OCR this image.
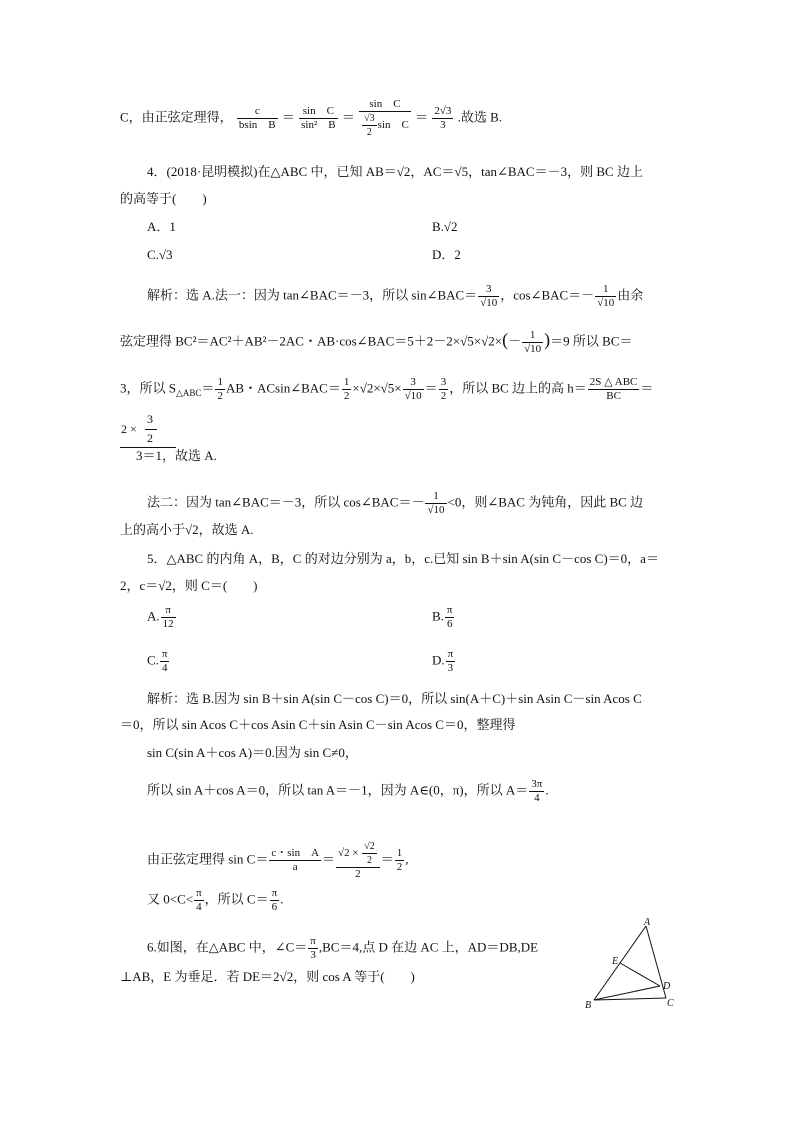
C，由正弦定理得， $\frac{c}{\text{bsin　B}} = \frac{\text{sin　C}}{\text{sin²　B}} = \frac{\text{sin　C}}{\frac{√3}{2} \sin C} = \frac{2√3}{3}$ .故选 B.
4．(2018·昆明模拟)在△ABC 中，已知 AB＝√2，AC＝√5，tan∠BAC＝－3，则 BC 边上
的高等于(　　)
A．1	B.√2
C.√3	D．2
解析：选 A.法一：因为 tan∠BAC＝－3，所以 sin∠BAC＝ $\frac{3}{√10}$ ，cos∠BAC＝－ $\frac{1}{√10}$ 由余
弦定理得 BC²＝AC²＋AB²－2AC・AB·cos∠BAC＝5＋2－2×√5×√2×(－ $\frac{1}{√10} )=9$ 所以 BC＝
3，所以 $S_{\triangle ABC}= \frac{1}{2}$ AB・ACsin∠BAC＝ $\frac{1}{2} \times√2\times√5\times \frac{3}{√10} = \frac{3}{2}$ ，所以 BC 边上的高 h＝ 2S △ ABC
BC
＝
3
2 ×
2
3＝1，故选 A.
法二：因为 tan∠BAC＝－3，所以 cos∠BAC＝－ $\frac{1}{√10} <0$，则∠BAC 为钝角，因此 BC 边
上的高小于√2，故选 A.
5．△ABC 的内角 A，B，C 的对边分别为 a，b，c.已知 sin B＋sin A(sin C－cos C)＝0，a＝
2，c＝√2，则 C＝(　　)
A. $\frac{\pi}{12}$	B. $\frac{\pi}{6}$
C. $\frac{\pi}{4}$	D. $\frac{\pi}{3}$
解析：选 B.因为 sin B＋sin A(sin C－cos C)＝0，所以 sin(A＋C)＋sin Asin C－sin Acos C
＝0，所以 sin Acos C＋cos Asin C＋sin Asin C－sin Acos C＝0，整理得
sin C(sin A＋cos A)＝0.因为 sin C≠0，
所以 sin A＋cos A＝0，所以 tan A＝－1，因为 A∈(0，π)，所以 $A= \frac{3\pi}{4}$ .
由正弦定理得 $\sin C= \frac{\text{c・sin　A}}{a} = \frac{√2 \times \frac{√2}{2}}{2} = \frac{1}{2}$ ,
又 $0<C< \frac{\pi}{4}$ ，所以 $C= \frac{\pi}{6}$ .
6.如图，在△ABC 中，∠C＝ $\frac{\pi}{3} ,BC=4$,点 D 在边 AC 上，AD＝DB,DE
⊥AB，E 为垂足．若 DE＝2√2，则 cos A 等于(　　)
A
E
D
B	C
